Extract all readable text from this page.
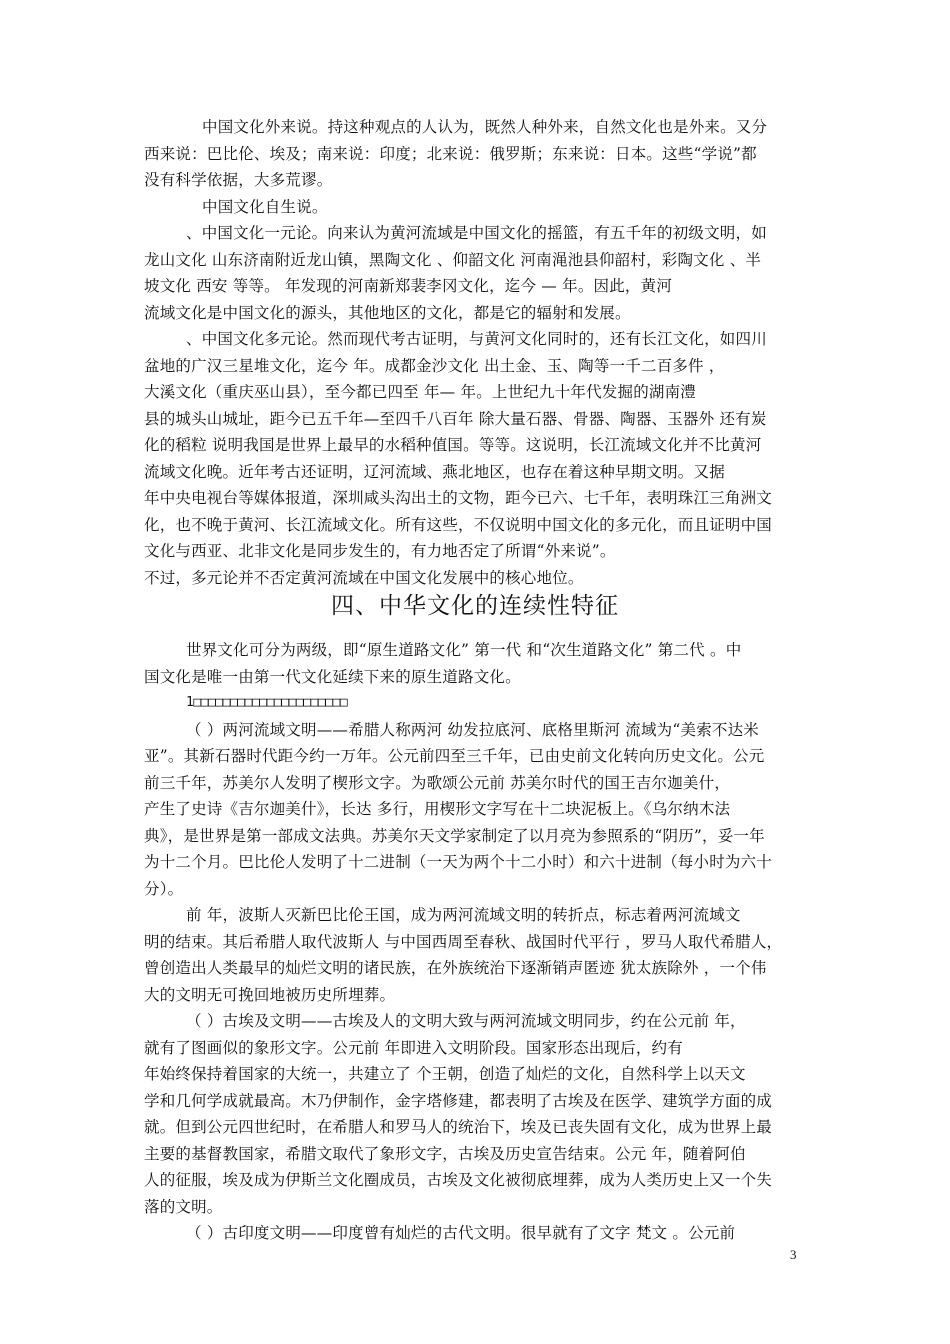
中国文化外来说。持这种观点的人认为，既然人种外来，自然文化也是外来。又分
西来说：巴比伦、埃及；南来说：印度；北来说：俄罗斯；东来说：日本。这些“学说”都
没有科学依据，大多荒谬。
中国文化自生说。
、中国文化一元论。向来认为黄河流域是中国文化的摇篮，有五千年的初级文明，如
龙山文化 山东济南附近龙山镇，黑陶文化 、仰韶文化 河南渑池县仰韶村，彩陶文化 、半
坡文化 西安 等等。 年发现的河南新郑裴李冈文化，迄今 — 年。因此，黄河
流域文化是中国文化的源头，其他地区的文化，都是它的辐射和发展。
、中国文化多元论。然而现代考古证明，与黄河文化同时的，还有长江文化，如四川
盆地的广汉三星堆文化，迄今 年。成都金沙文化 出土金、玉、陶等一千二百多件 ，
大溪文化（重庆巫山县），至今都已四至 年— 年。上世纪九十年代发掘的湖南澧
县的城头山城址，距今已五千年—至四千八百年 除大量石器、骨器、陶器、玉器外 还有炭
化的稻粒 说明我国是世界上最早的水稻种值国。等等。这说明，长江流域文化并不比黄河
流域文化晚。近年考古还证明，辽河流域、燕北地区，也存在着这种早期文明。又据
年中央电视台等媒体报道，深圳咸头沟出土的文物，距今已六、七千年，表明珠江三角洲文
化，也不晚于黄河、长江流域文化。所有这些，不仅说明中国文化的多元化，而且证明中国
文化与西亚、北非文化是同步发生的，有力地否定了所谓“外来说”。
不过，多元论并不否定黄河流域在中国文化发展中的核心地位。
四、中华文化的连续性特征
世界文化可分为两级，即“原生道路文化” 第一代 和“次生道路文化” 第二代 。中
国文化是唯一由第一代文化延续下来的原生道路文化。
1□□□□□□□□□□□□□□□□□□□□□
（ ）两河流域文明——希腊人称两河 幼发拉底河、底格里斯河 流域为“美索不达米
亚”。其新石器时代距今约一万年。公元前四至三千年，已由史前文化转向历史文化。公元
前三千年，苏美尔人发明了楔形文字。为歌颂公元前 苏美尔时代的国王吉尔迦美什，
产生了史诗《吉尔迦美什》，长达 多行，用楔形文字写在十二块泥板上。《乌尔纳木法
典》，是世界是第一部成文法典。苏美尔天文学家制定了以月亮为参照系的“阴历”，妥一年
为十二个月。巴比伦人发明了十二进制（一天为两个十二小时）和六十进制（每小时为六十
分）。
前 年，波斯人灭新巴比伦王国，成为两河流域文明的转折点，标志着两河流域文
明的结束。其后希腊人取代波斯人 与中国西周至春秋、战国时代平行 ，罗马人取代希腊人，
曾创造出人类最早的灿烂文明的诸民族，在外族统治下逐渐销声匿迹 犹太族除外 ，一个伟
大的文明无可挽回地被历史所埋葬。
（ ）古埃及文明——古埃及人的文明大致与两河流域文明同步，约在公元前 年，
就有了图画似的象形文字。公元前 年即进入文明阶段。国家形态出现后，约有
年始终保持着国家的大统一，共建立了 个王朝，创造了灿烂的文化，自然科学上以天文
学和几何学成就最高。木乃伊制作，金字塔修建，都表明了古埃及在医学、建筑学方面的成
就。但到公元四世纪时，在希腊人和罗马人的统治下，埃及已丧失固有文化，成为世界上最
主要的基督教国家，希腊文取代了象形文字，古埃及历史宣告结束。公元 年，随着阿伯
人的征服，埃及成为伊斯兰文化圈成员，古埃及文化被彻底埋葬，成为人类历史上又一个失
落的文明。
（ ）古印度文明——印度曾有灿烂的古代文明。很早就有了文字 梵文 。公元前
3
